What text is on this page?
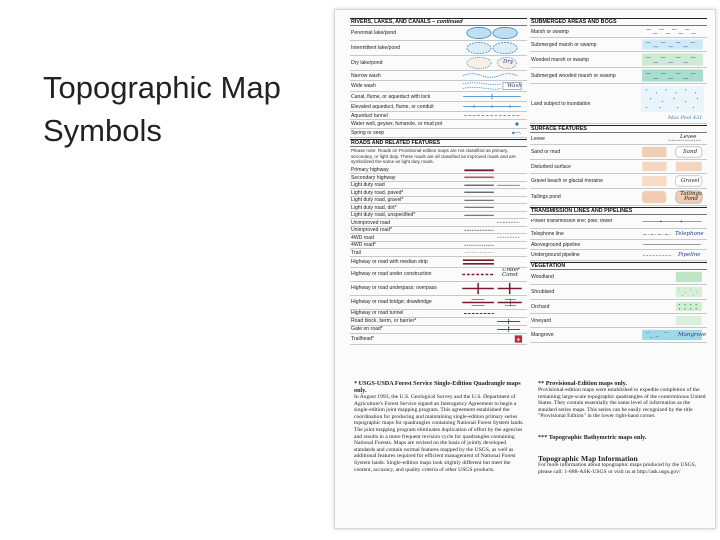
Topographic Map
Symbols
RIVERS, LAKES, AND CANALS – continued
Perennial lake/pond
Intermittent lake/pond
Dry lake/pond	Dry
Narrow wash
Wide wash	Wash
Canal, flume, or aqueduct with lock
Elevated aqueduct, flume, or conduit
Aqueduct tunnel
Water well, geyser, fumarole, or mud pot
Spring or seep
ROADS AND RELATED FEATURES
Please note: Roads on Provisional-edition maps are not classified as primary, secondary, or light duty. These roads are all classified as improved roads and are symbolized the same as light duty roads.
Primary highway
Secondary highway
Light duty road
Light duty road, paved*
Light duty road, gravel*
Light duty road, dirt*
Light duty road, unspecified*
Unimproved road
Unimproved road*
4WD road
4WD road*
Trail
Highway or road with median strip
Highway or road under construction
Under Const
Highway or road underpass; overpass
Highway or road bridge; drawbridge
Highway or road tunnel
Road block, berm, or barrier*
Gate on road*
Trailhead*	✶
SUBMERGED AREAS AND BOGS
Marsh or swamp
Submerged marsh or swamp
Wooded marsh or swamp
Submerged wooded marsh or swamp
Land subject to inundation
Max Pool 431
SURFACE FEATURES
Levee	Levee
Sand or mud	Sand
Disturbed surface
Gravel beach or glacial moraine	Gravel
Tailings pond	Tailings Pond
TRANSMISSION LINES AND PIPELINES
Power transmission line; pole; tower
Telephone line	Telephone
Aboveground pipeline
Underground pipeline	Pipeline
VEGETATION
Woodland
Shrubland
Orchard
Vineyard
Mangrove	Mangrove
* USGS-USDA Forest Service Single-Edition Quadrangle maps only.
In August 1993, the U.S. Geological Survey and the U.S. Department of Agriculture's Forest Service signed an Interagency Agreement to begin a single-edition joint mapping program. This agreement established the coordination for producing and maintaining single-edition primary series topographic maps for quadrangles containing National Forest System lands. The joint mapping program eliminates duplication of effort by the agencies and results in a more frequent revision cycle for quadrangles containing National Forests. Maps are revised on the basis of jointly developed standards and contain normal features mapped by the USGS, as well as additional features required for efficient management of National Forest System lands. Single-edition maps look slightly different but meet the content, accuracy, and quality criteria of other USGS products.
** Provisional-Edition maps only.
Provisional-edition maps were established to expedite completion of the remaining large-scale topographic quadrangles of the conterminous United States. They contain essentially the same level of information as the standard series maps. This series can be easily recognized by the title "Provisional Edition" in the lower right-hand corner.
*** Topographic Bathymetric maps only.
Topographic Map Information
For more information about topographic maps produced by the USGS, please call: 1-888-ASK-USGS or visit us at http://ask.usgs.gov/
